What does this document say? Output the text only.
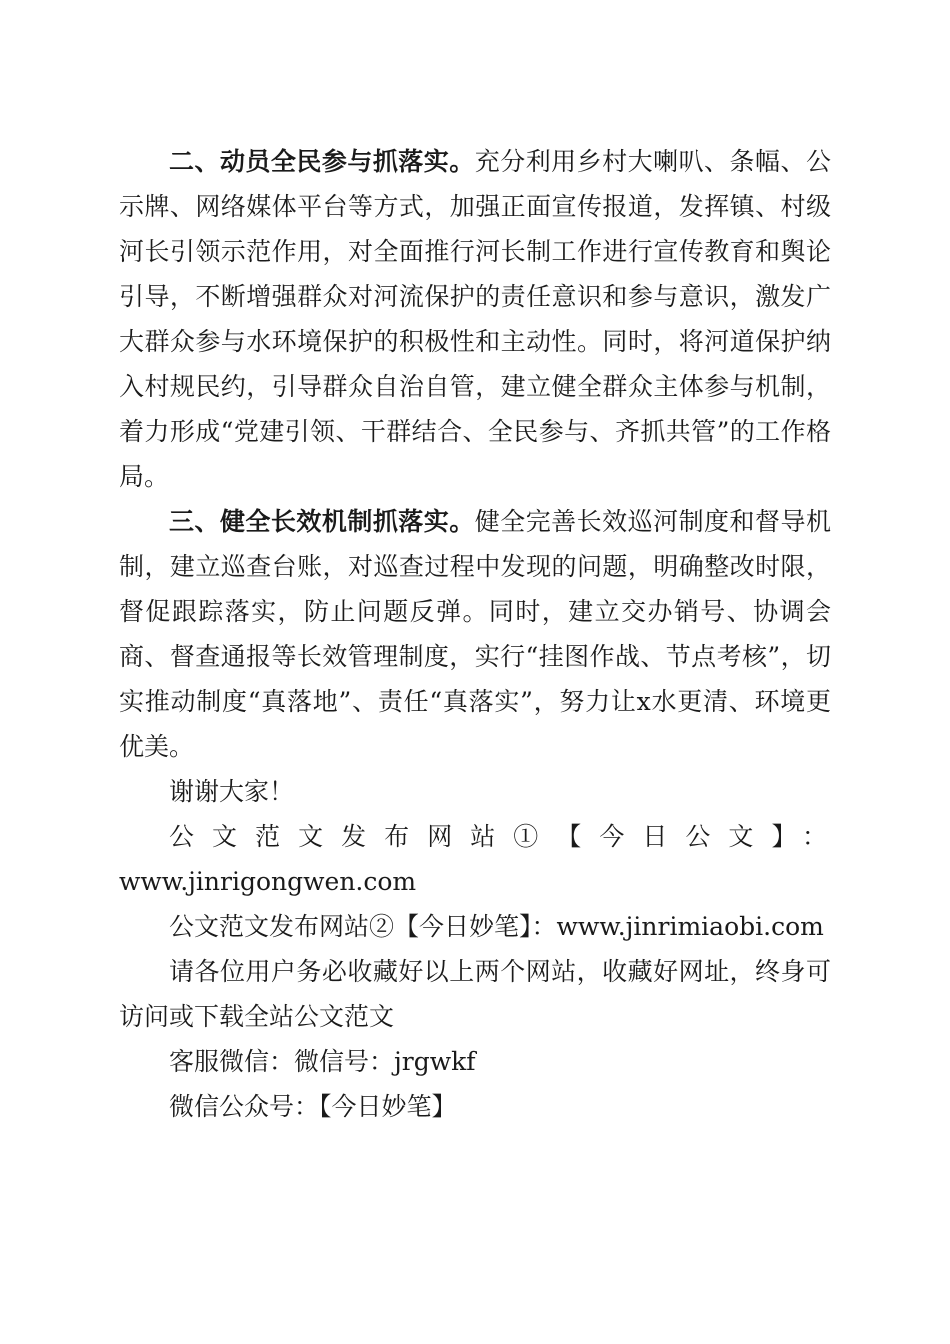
二、动员全民参与抓落实。充分利用乡村大喇叭、条幅、公示牌、网络媒体平台等方式，加强正面宣传报道，发挥镇、村级河长引领示范作用，对全面推行河长制工作进行宣传教育和舆论引导，不断增强群众对河流保护的责任意识和参与意识，激发广大群众参与水环境保护的积极性和主动性。同时，将河道保护纳入村规民约，引导群众自治自管，建立健全群众主体参与机制，着力形成“党建引领、干群结合、全民参与、齐抓共管”的工作格局。

三、健全长效机制抓落实。健全完善长效巡河制度和督导机制，建立巡查台账，对巡查过程中发现的问题，明确整改时限，督促跟踪落实，防止问题反弹。同时，建立交办销号、协调会商、督查通报等长效管理制度，实行“挂图作战、节点考核”，切实推动制度“真落地”、责任“真落实”，努力让x水更清、环境更优美。

谢谢大家！

公文范文发布网站①【今日公文】：

www.jinrigongwen.com

公文范文发布网站②【今日妙笔】：www.jinrimiaobi.com

请各位用户务必收藏好以上两个网站，收藏好网址，终身可访问或下载全站公文范文

客服微信：微信号：jrgwkf

微信公众号：【今日妙笔】
